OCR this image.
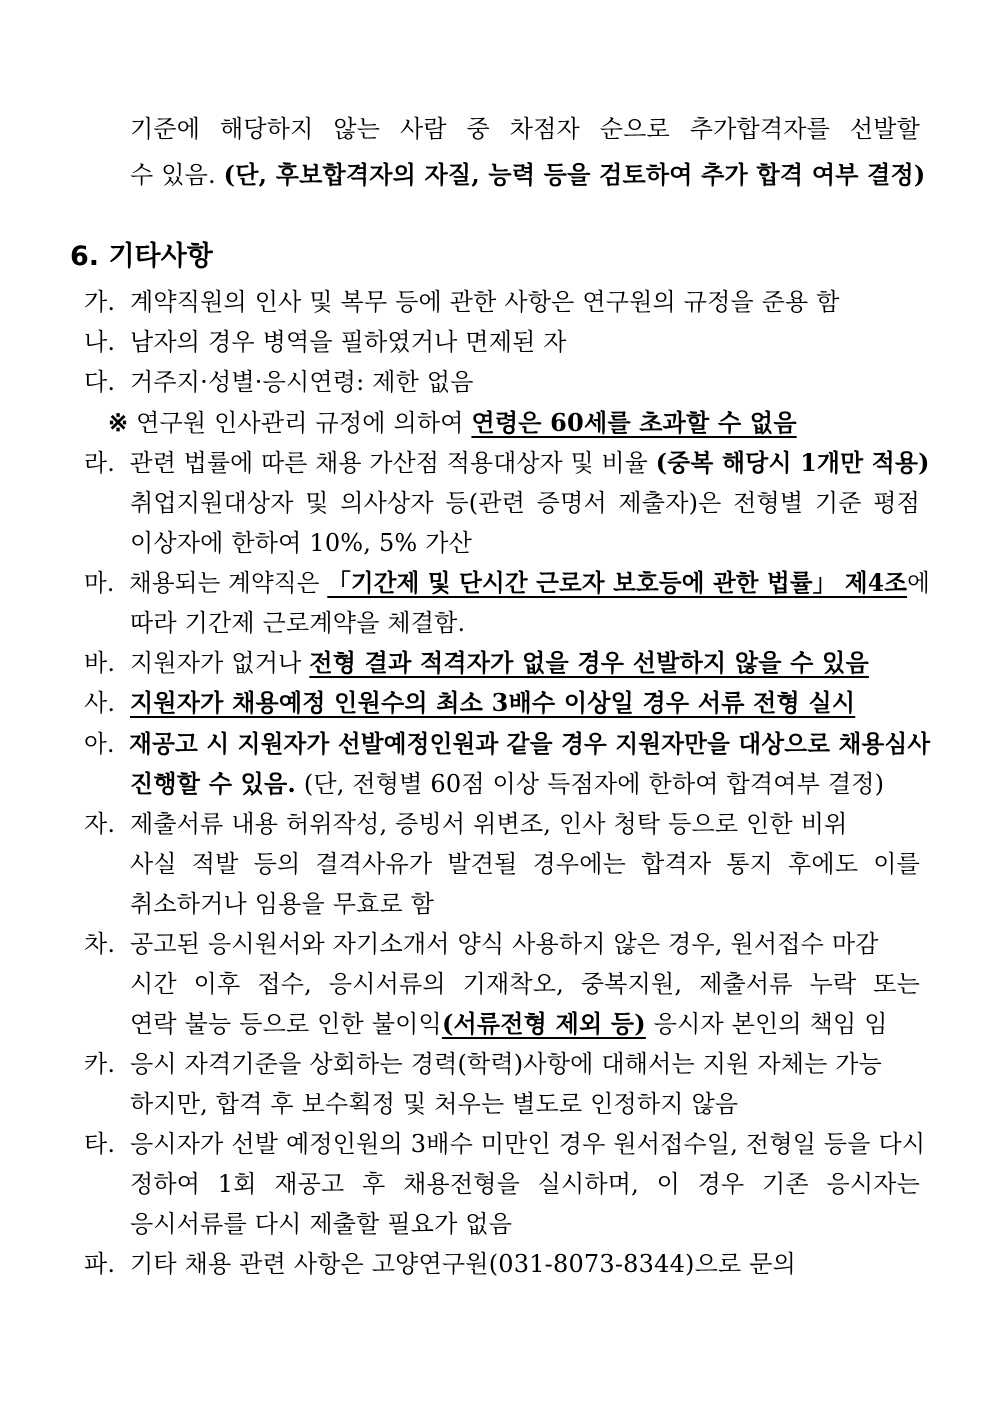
기준에 해당하지 않는 사람 중 차점자 순으로 추가합격자를 선발할
수 있음. (단, 후보합격자의 자질, 능력 등을 검토하여 추가 합격 여부 결정)
6. 기타사항
가. 계약직원의 인사 및 복무 등에 관한 사항은 연구원의 규정을 준용 함
나. 남자의 경우 병역을 필하였거나 면제된 자
다. 거주지·성별·응시연령: 제한 없음
※ 연구원 인사관리 규정에 의하여 연령은 60세를 초과할 수 없음
라. 관련 법률에 따른 채용 가산점 적용대상자 및 비율 (중복 해당시 1개만 적용)
취업지원대상자 및 의사상자 등(관련 증명서 제출자)은 전형별 기준 평점
이상자에 한하여 10%, 5% 가산
마. 채용되는 계약직은 「기간제 및 단시간 근로자 보호등에 관한 법률」 제4조에
따라 기간제 근로계약을 체결함.
바. 지원자가 없거나 전형 결과 적격자가 없을 경우 선발하지 않을 수 있음
사. 지원자가 채용예정 인원수의 최소 3배수 이상일 경우 서류 전형 실시
아. 재공고 시 지원자가 선발예정인원과 같을 경우 지원자만을 대상으로 채용심사
진행할 수 있음. (단, 전형별 60점 이상 득점자에 한하여 합격여부 결정)
자. 제출서류 내용 허위작성, 증빙서 위변조, 인사 청탁 등으로 인한 비위
사실 적발 등의 결격사유가 발견될 경우에는 합격자 통지 후에도 이를
취소하거나 임용을 무효로 함
차. 공고된 응시원서와 자기소개서 양식 사용하지 않은 경우, 원서접수 마감
시간 이후 접수, 응시서류의 기재착오, 중복지원, 제출서류 누락 또는
연락 불능 등으로 인한 불이익(서류전형 제외 등) 응시자 본인의 책임 임
카. 응시 자격기준을 상회하는 경력(학력)사항에 대해서는 지원 자체는 가능
하지만, 합격 후 보수획정 및 처우는 별도로 인정하지 않음
타. 응시자가 선발 예정인원의 3배수 미만인 경우 원서접수일, 전형일 등을 다시
정하여 1회 재공고 후 채용전형을 실시하며, 이 경우 기존 응시자는
응시서류를 다시 제출할 필요가 없음
파. 기타 채용 관련 사항은 고양연구원(031-8073-8344)으로 문의
